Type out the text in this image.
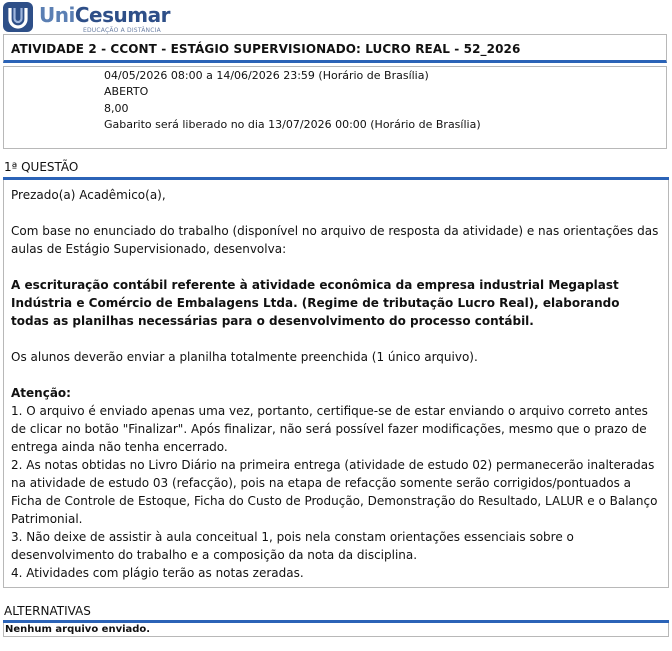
UniCesumar
EDUCAÇÃO A DISTÂNCIA
ATIVIDADE 2 - CCONT - ESTÁGIO SUPERVISIONADO: LUCRO REAL - 52_2026
04/05/2026 08:00 a 14/06/2026 23:59 (Horário de Brasília)
ABERTO
8,00
Gabarito será liberado no dia 13/07/2026 00:00 (Horário de Brasília)
1ª QUESTÃO

Prezado(a) Acadêmico(a),

Com base no enunciado do trabalho (disponível no arquivo de resposta da atividade) e nas orientações das aulas de Estágio Supervisionado, desenvolva:

A escrituração contábil referente à atividade econômica da empresa industrial Megaplast Indústria e Comércio de Embalagens Ltda. (Regime de tributação Lucro Real), elaborando todas as planilhas necessárias para o desenvolvimento do processo contábil.

Os alunos deverão enviar a planilha totalmente preenchida (1 único arquivo).

Atenção:

1. O arquivo é enviado apenas uma vez, portanto, certifique-se de estar enviando o arquivo correto antes de clicar no botão "Finalizar". Após finalizar, não será possível fazer modificações, mesmo que o prazo de entrega ainda não tenha encerrado.

2. As notas obtidas no Livro Diário na primeira entrega (atividade de estudo 02) permanecerão inalteradas na atividade de estudo 03 (refacção), pois na etapa de refacção somente serão corrigidos/pontuados a Ficha de Controle de Estoque, Ficha do Custo de Produção, Demonstração do Resultado, LALUR e o Balanço Patrimonial.

3. Não deixe de assistir à aula conceitual 1, pois nela constam orientações essenciais sobre o desenvolvimento do trabalho e a composição da nota da disciplina.

4. Atividades com plágio terão as notas zeradas.

ALTERNATIVAS
Nenhum arquivo enviado.
